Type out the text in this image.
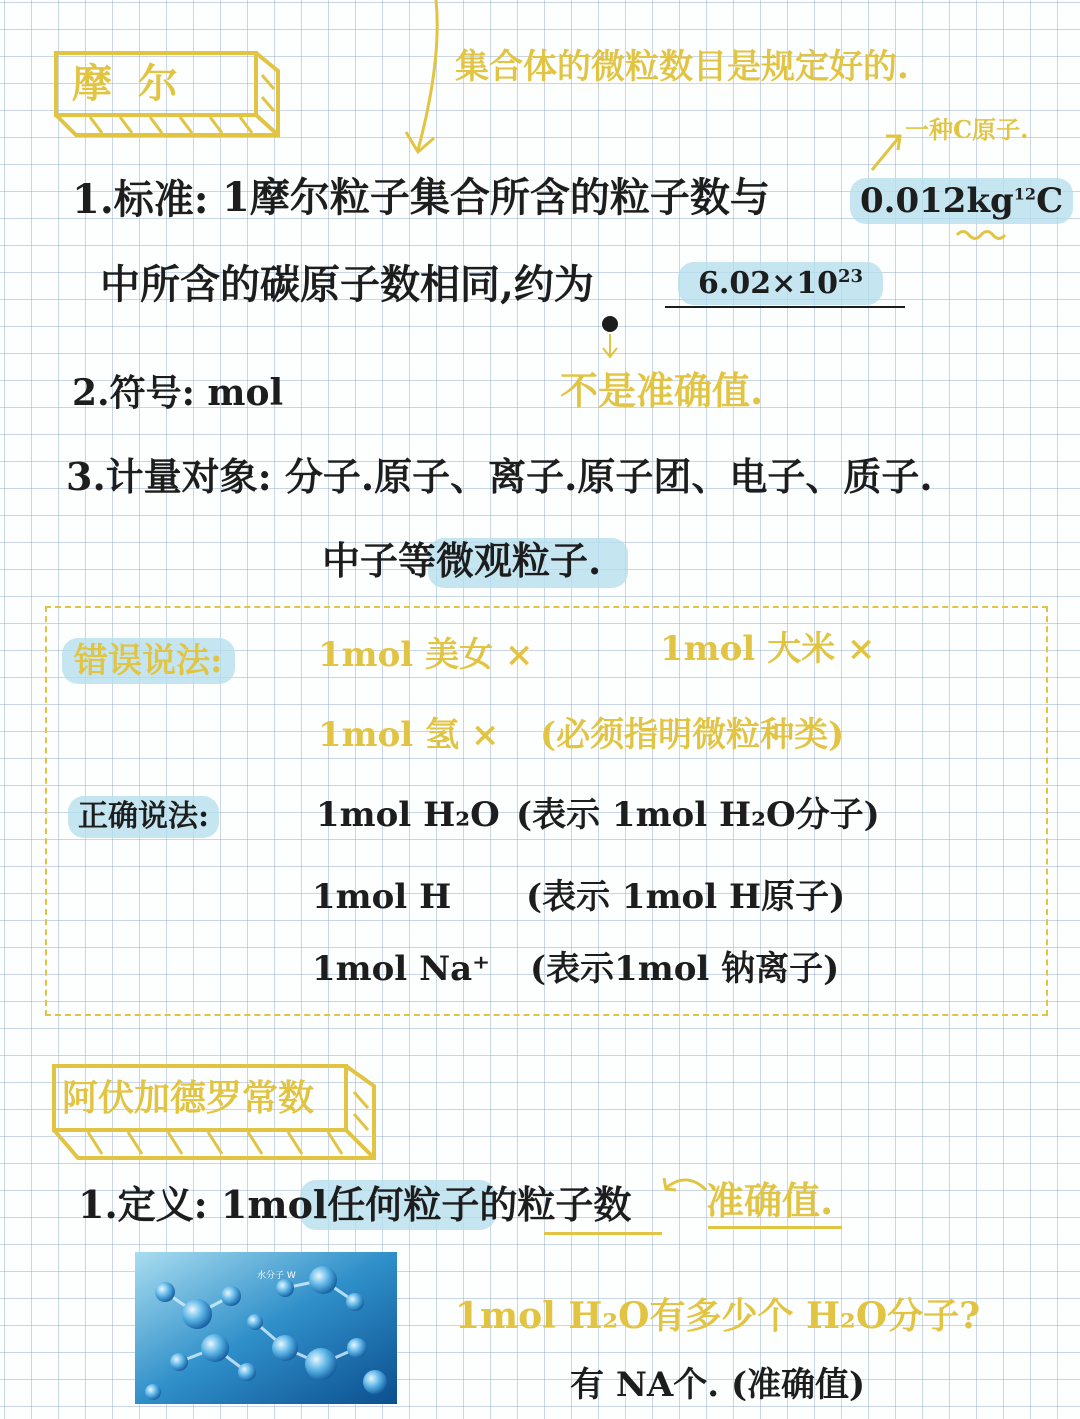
摩 尔	集合体的微粒数目是规定好的.
一种C原子.
1.标准: 1摩尔粒子集合所含的粒子数与	$0.012kg^{12}C$
中所含的碳原子数相同,约为	$6.02\times 10^{23}$
不是准确值.
2.符号: mol
3.计量对象: 分子.原子、离子.原子团、电子、质子.
中子等微观粒子.
错误说法:	1mol 美女 ×	1mol 大米 ×
1mol 氢 × (必须指明微粒种类)
正确说法:	1mol H₂O (表示 1mol H₂O分子)
1mol H (表示 1mol H原子)
1mol Na⁺ (表示1mol 钠离子)
阿伏加德罗常数
1.定义: 1mol任何粒子的粒子数 准确值.
水分子 W
1mol H₂O有多少个 H₂O分子?
有 NA个. (准确值)
